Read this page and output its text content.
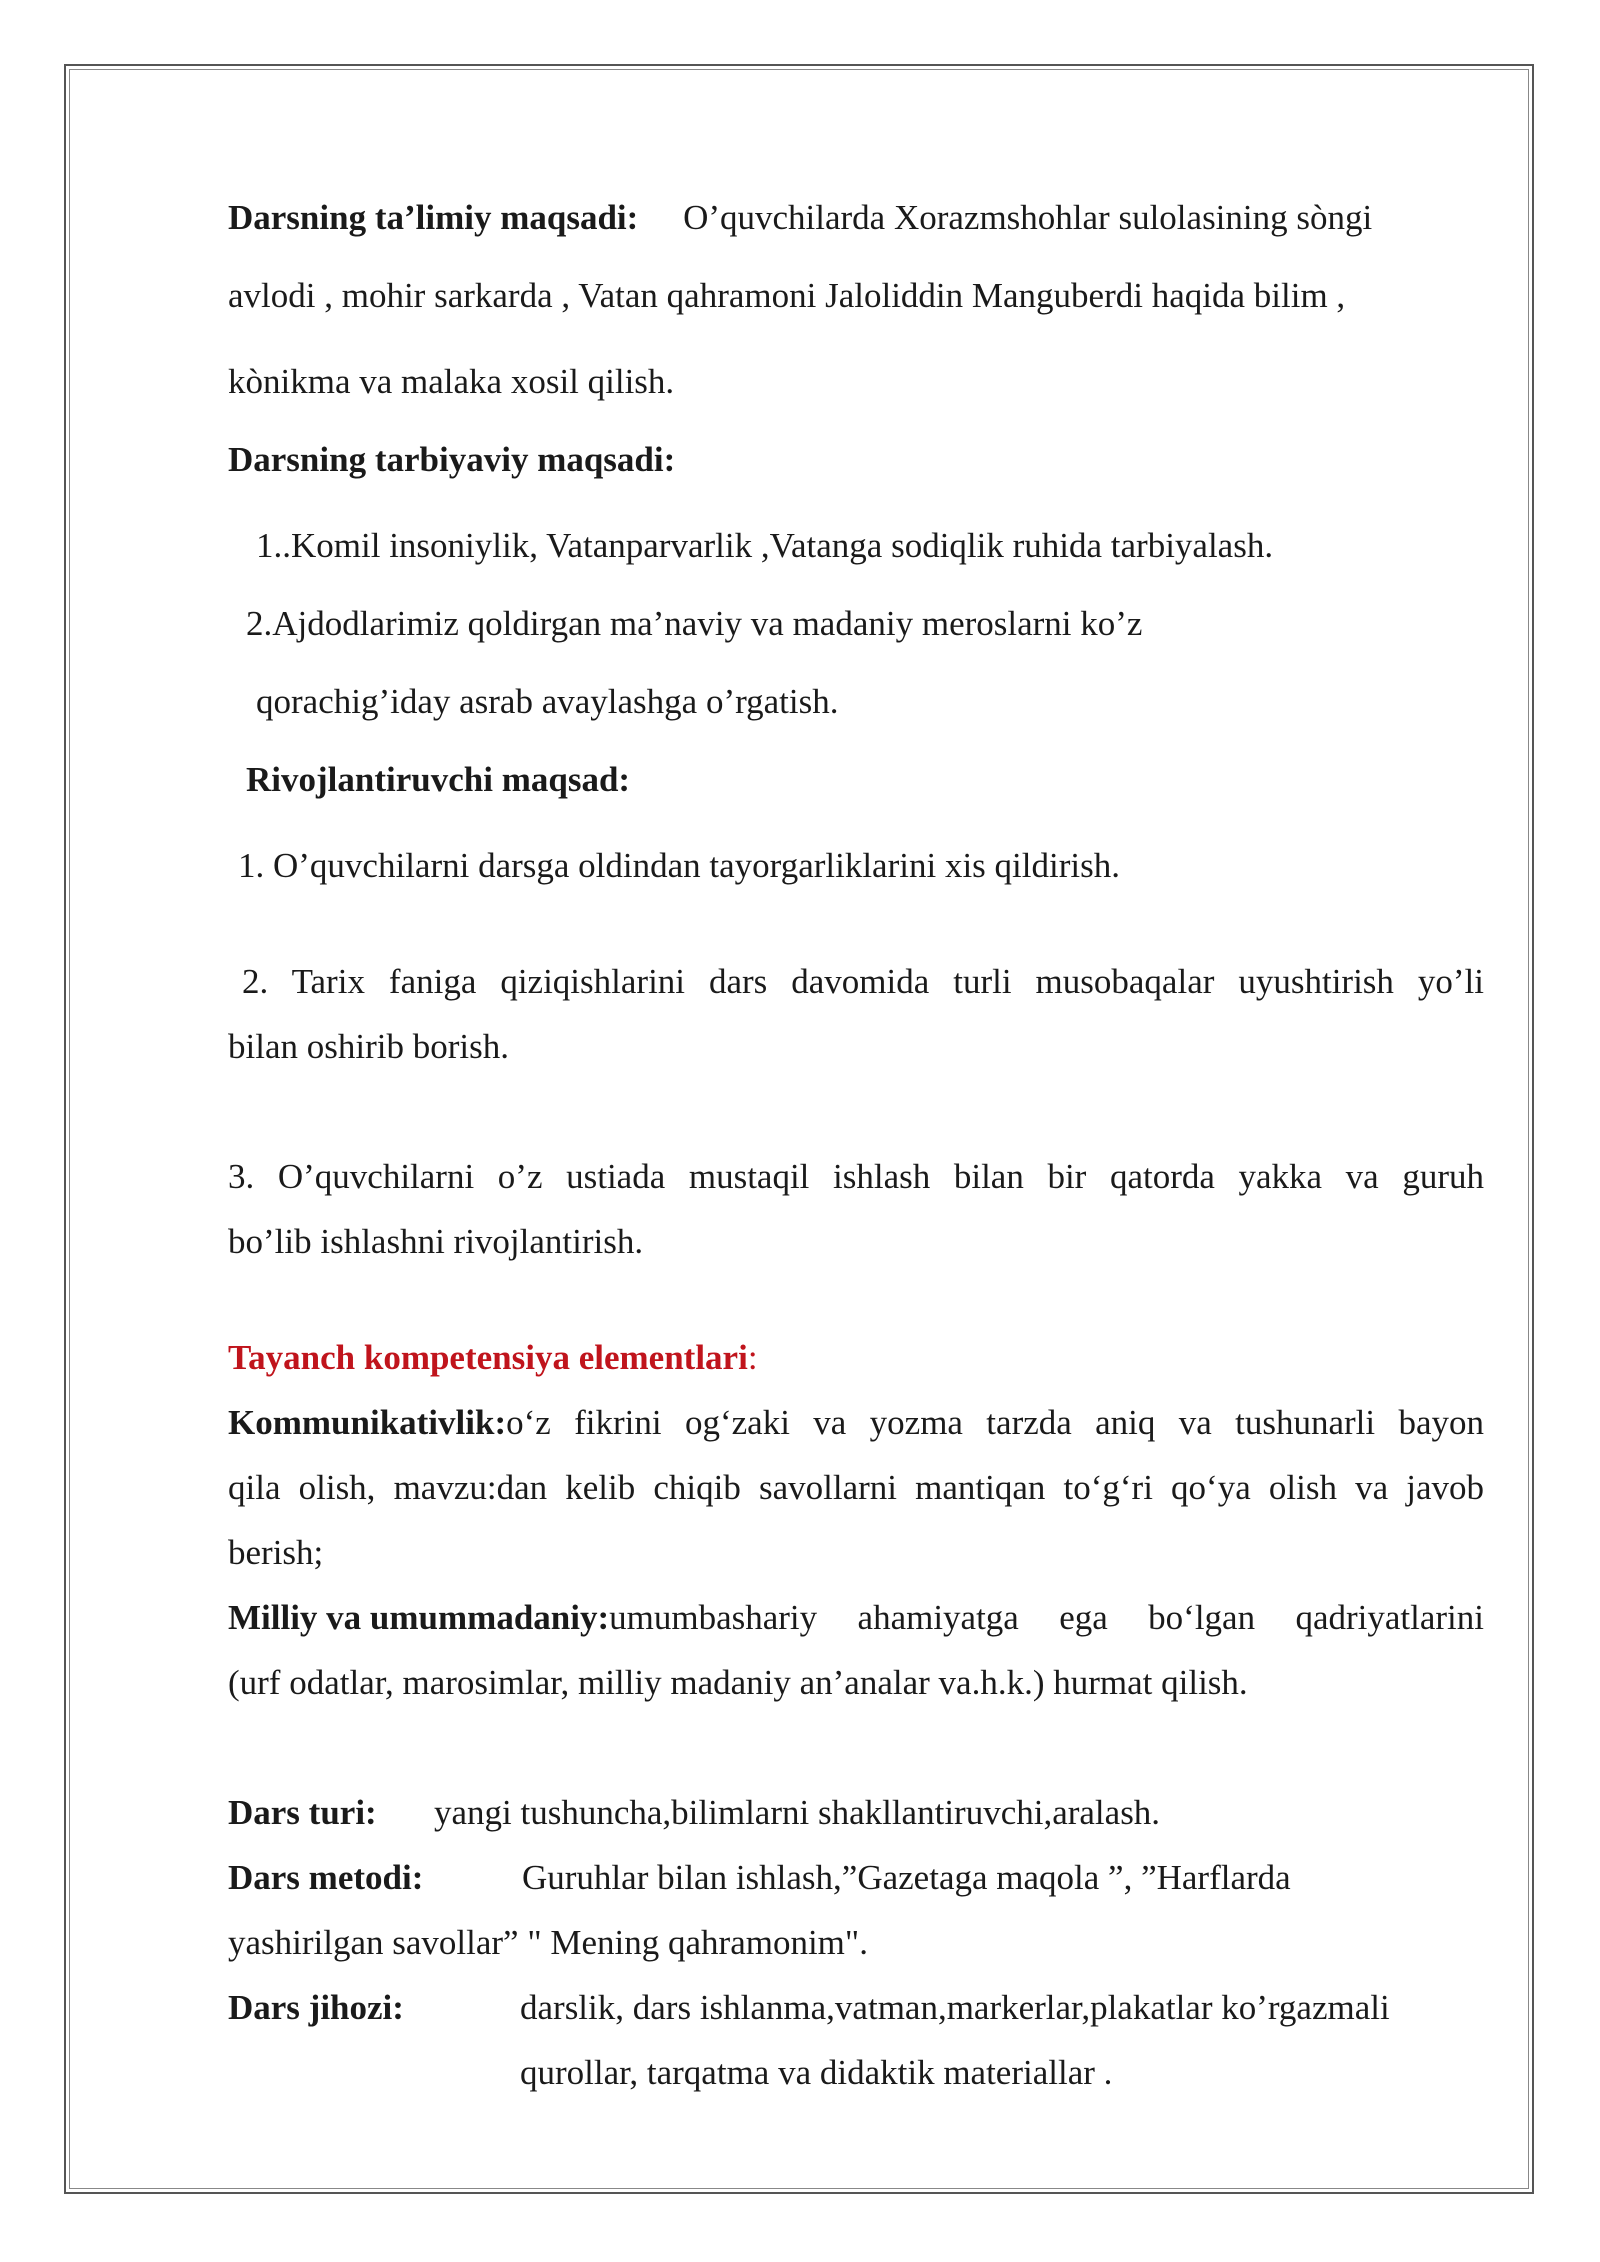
Darsning ta’limiy maqsadi: O’quvchilarda Xorazmshohlar sulolasining sòngi
avlodi , mohir sarkarda , Vatan qahramoni Jaloliddin Manguberdi haqida bilim ,
kònikma va malaka xosil qilish.
Darsning tarbiyaviy maqsadi:
1..Komil insoniylik, Vatanparvarlik ,Vatanga sodiqlik ruhida tarbiyalash.
2.Ajdodlarimiz qoldirgan ma’naviy va madaniy meroslarni ko’z
qorachig’iday asrab avaylashga o’rgatish.
Rivojlantiruvchi maqsad:
1. O’quvchilarni darsga oldindan tayorgarliklarini xis qildirish.
2. Tarix faniga qiziqishlarini dars davomida turli musobaqalar uyushtirish yo’li
bilan oshirib borish.
3. O’quvchilarni o’z ustiada mustaqil ishlash bilan bir qatorda yakka va guruh
bo’lib ishlashni rivojlantirish.
Tayanch kompetensiya elementlari:
Kommunikativlik: o‘z fikrini og‘zaki va yozma tarzda aniq va tushunarli bayon
qila olish, mavzu:dan kelib chiqib savollarni mantiqan to‘g‘ri qo‘ya olish va javob
berish;
Milliy va umummadaniy: umumbashariy ahamiyatga ega bo‘lgan qadriyatlarini
(urf odatlar, marosimlar, milliy madaniy an’analar va.h.k.) hurmat qilish.
Dars turi: yangi tushuncha,bilimlarni shakllantiruvchi,aralash.
Dars metodi:	Guruhlar bilan ishlash,”Gazetaga maqola ”, ”Harflarda
yashirilgan savollar” " Mening qahramonim".
Dars jihozi:	darslik, dars ishlanma,vatman,markerlar,plakatlar ko’rgazmali
qurollar, tarqatma va didaktik materiallar .
